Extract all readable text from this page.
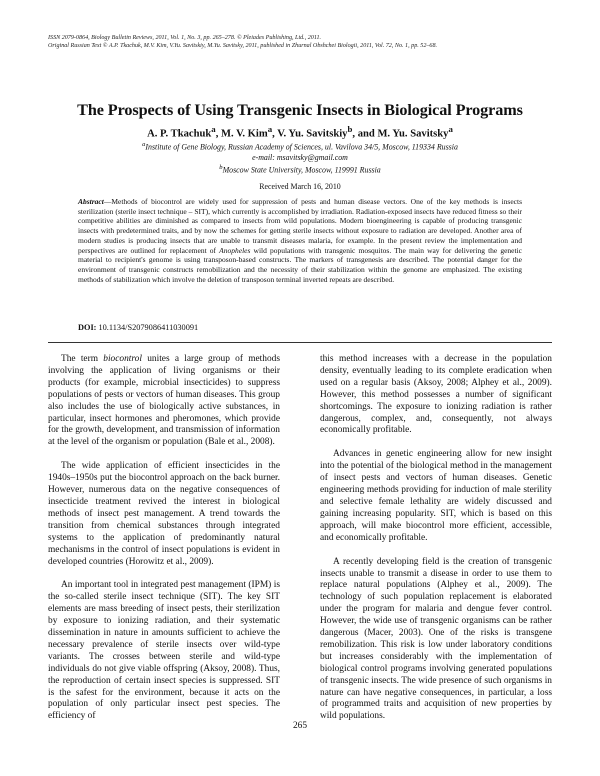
ISSN 2079-0864, Biology Bulletin Reviews, 2011, Vol. 1, No. 3, pp. 265–278. © Pleiades Publishing, Ltd., 2011.
Original Russian Text © A.P. Tkachuk, M.V. Kim, V.Yu. Savitskiy, M.Yu. Savitsky, 2011, published in Zhurnal Obshchei Biologii, 2011, Vol. 72, No. 1, pp. 52–68.
The Prospects of Using Transgenic Insects in Biological Programs
A. P. Tkachuk$^a$, M. V. Kim$^a$, V. Yu. Savitskiy$^b$, and M. Yu. Savitsky$^a$
$^a$Institute of Gene Biology, Russian Academy of Sciences, ul. Vavilova 34/5, Moscow, 119334 Russia
e-mail: msavitsky@gmail.com
$^b$Moscow State University, Moscow, 119991 Russia
Received March 16, 2010
Abstract—Methods of biocontrol are widely used for suppression of pests and human disease vectors. One of the key methods is insects sterilization (sterile insect technique – SIT), which currently is accomplished by irradiation. Radiation-exposed insects have reduced fitness so their competitive abilities are diminished as compared to insects from wild populations. Modern bioengineering is capable of producing transgenic insects with predetermined traits, and by now the schemes for getting sterile insects without exposure to radiation are developed. Another area of modern studies is producing insects that are unable to transmit diseases malaria, for example. In the present review the implementation and perspectives are outlined for replacement of Anopheles wild populations with transgenic mosquitos. The main way for delivering the genetic material to recipient's genome is using transposon-based constructs. The markers of transgenesis are described. The potential danger for the environment of transgenic constructs remobilization and the necessity of their stabilization within the genome are emphasized. The existing methods of stabilization which involve the deletion of transposon terminal inverted repeats are described.
DOI: 10.1134/S2079086411030091

The term biocontrol unites a large group of methods involving the application of living organisms or their products (for example, microbial insecticides) to suppress populations of pests or vectors of human diseases. This group also includes the use of biologically active substances, in particular, insect hormones and pheromones, which provide for the growth, development, and transmission of information at the level of the organism or population (Bale et al., 2008).

The wide application of efficient insecticides in the 1940s–1950s put the biocontrol approach on the back burner. However, numerous data on the negative consequences of insecticide treatment revived the interest in biological methods of insect pest management. A trend towards the transition from chemical substances through integrated systems to the application of predominantly natural mechanisms in the control of insect populations is evident in developed countries (Horowitz et al., 2009).

An important tool in integrated pest management (IPM) is the so-called sterile insect technique (SIT). The key SIT elements are mass breeding of insect pests, their sterilization by exposure to ionizing radiation, and their systematic dissemination in nature in amounts sufficient to achieve the necessary prevalence of sterile insects over wild-type variants. The crosses between sterile and wild-type individuals do not give viable offspring (Aksoy, 2008). Thus, the reproduction of certain insect species is suppressed. SIT is the safest for the environment, because it acts on the population of only particular insect pest species. The efficiency of

this method increases with a decrease in the population density, eventually leading to its complete eradication when used on a regular basis (Aksoy, 2008; Alphey et al., 2009). However, this method possesses a number of significant shortcomings. The exposure to ionizing radiation is rather dangerous, complex, and, consequently, not always economically profitable.

Advances in genetic engineering allow for new insight into the potential of the biological method in the management of insect pests and vectors of human diseases. Genetic engineering methods providing for induction of male sterility and selective female lethality are widely discussed and gaining increasing popularity. SIT, which is based on this approach, will make biocontrol more efficient, accessible, and economically profitable.

A recently developing field is the creation of transgenic insects unable to transmit a disease in order to use them to replace natural populations (Alphey et al., 2009). The technology of such population replacement is elaborated under the program for malaria and dengue fever control. However, the wide use of transgenic organisms can be rather dangerous (Macer, 2003). One of the risks is transgene remobilization. This risk is low under laboratory conditions but increases considerably with the implementation of biological control programs involving generated populations of transgenic insects. The wide presence of such organisms in nature can have negative consequences, in particular, a loss of programmed traits and acquisition of new properties by wild populations.

265
